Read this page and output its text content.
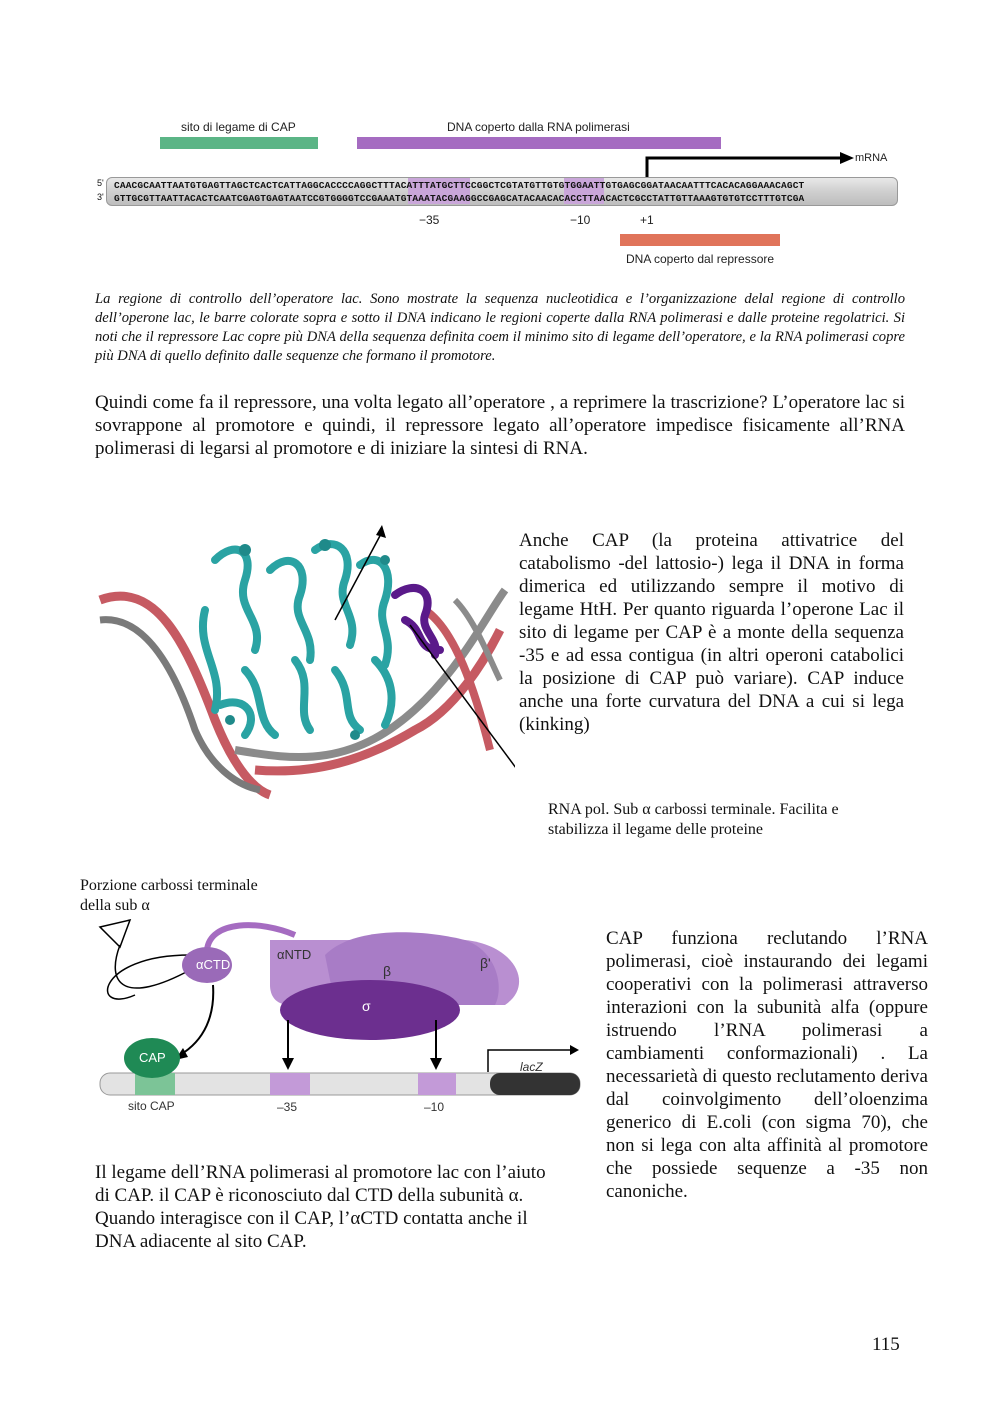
sito di legame di CAP	DNA coperto dalla RNA polimerasi
mRNA
5'
3'
CAACGCAATTAATGTGAGTTAGCTCACTCATTAGGCACCCCAGGCTTTACATTTATGCTTCCGGCTCGTATGTTGTGTGGAATTGTGAGCGGATAACAATTTCACACAGGAAACAGCT
GTTGCGTTAATTACACTCAATCGAGTGAGTAATCCGTGGGGTCCGAAATGTAAATACGAAGGCCGAGCATACAACACACCTTAACACTCGCCTATTGTTAAAGTGTGTCCTTTGTCGA
−35	−10	+1
DNA coperto dal repressore
La regione di controllo dell’operatore lac. Sono mostrate la sequenza nucleotidica e l’organizzazione delal regione di controllo dell’operone lac, le barre colorate sopra e sotto il DNA indicano le regioni coperte dalla RNA polimerasi e dalle proteine regolatrici. Si noti che il repressore Lac copre più DNA della sequenza definita coem il minimo sito di legame dell’operatore, e la RNA polimerasi copre più DNA di quello definito dalle sequenze che formano il promotore.
Quindi come fa il repressore, una volta legato all’operatore , a reprimere la trascrizione? L’operatore lac si sovrappone al promotore e quindi, il repressore legato all’operatore impedisce fisicamente all’RNA polimerasi di legarsi al promotore e di iniziare la sintesi di RNA.
Anche CAP (la proteina attivatrice del catabolismo -del lattosio-) lega il DNA in forma dimerica ed utilizzando sempre il motivo di legame HtH. Per quanto riguarda l’operone Lac il sito di legame per CAP è a monte della sequenza -35 e ad essa contigua (in altri operoni catabolici la posizione di CAP può variare). CAP induce anche una forte curvatura del DNA a cui si lega (kinking)
RNA pol. Sub α carbossi terminale. Facilita e stabilizza il legame delle proteine
Porzione carbossi terminale della sub α
αCTD
αNTD
β	β'
σ
CAP
lacZ
sito CAP	–35	–10
CAP funziona reclutando l’RNA polimerasi, cioè instaurando dei legami cooperativi con la polimerasi attraverso interazioni con la subunità alfa (oppure istruendo l’RNA polimerasi a cambiamenti conformazionali) . La necessarietà di questo reclutamento deriva dal coinvolgimento dell’oloenzima generico di E.coli (con sigma 70), che non si lega con alta affinità al promotore che possiede sequenze a -35 non canoniche.
Il legame dell’RNA polimerasi al promotore lac con l’aiuto di CAP. il CAP è riconosciuto dal CTD della subunità α. Quando interagisce con il CAP, l’αCTD contatta anche il DNA adiacente al sito CAP.
115
